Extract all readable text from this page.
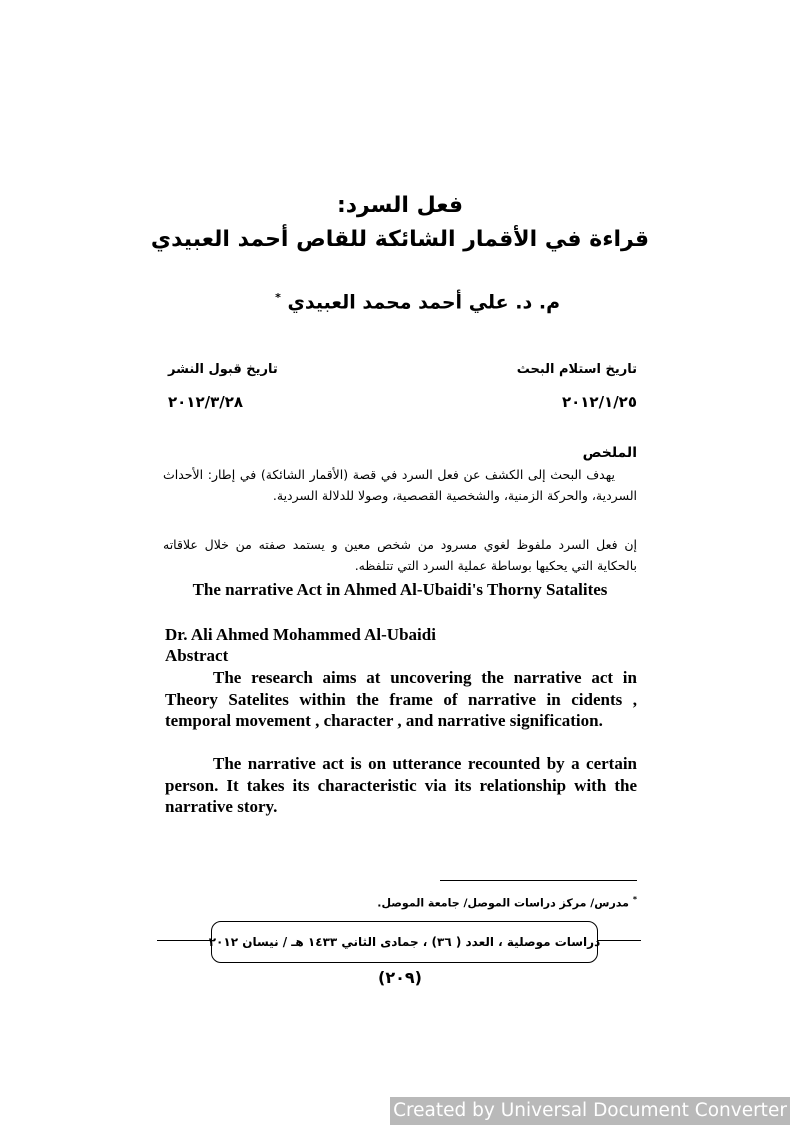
فعل السرد:
قراءة في الأقمار الشائكة للقاص أحمد العبيدي
م. د. علي أحمد محمد العبيدي *
تاريخ استلام البحث
٢٠١٢/١/٢٥
تاريخ قبول النشر
٢٠١٢/٣/٢٨
الملخص
يهدف البحث إلى الكشف عن فعل السرد في قصة (الأقمار الشائكة) في إطار: الأحداث السردية، والحركة الزمنية، والشخصية القصصية، وصولا للدلالة السردية.
إن فعل السرد ملفوظ لغوي مسرود من شخص معين و يستمد صفته من خلال علاقاته بالحكاية التي يحكيها بوساطة عملية السرد التي تتلفظه.
The narrative Act in Ahmed Al-Ubaidi's Thorny Satalites
Dr. Ali Ahmed Mohammed Al-Ubaidi
Abstract
The research aims at uncovering the narrative act in Theory Satelites within the frame of narrative in cidents , temporal movement , character , and narrative signification.
The narrative act is on utterance recounted by a certain person. It takes its characteristic via its relationship with the narrative story.
* مدرس/ مركز دراسات الموصل/ جامعة الموصل.
دراسات موصلية ، العدد ( ٣٦) ، جمادى الثاني ١٤٣٣ هـ / نيسان ٢٠١٢
(٢٠٩)
Created by Universal Document Converter
